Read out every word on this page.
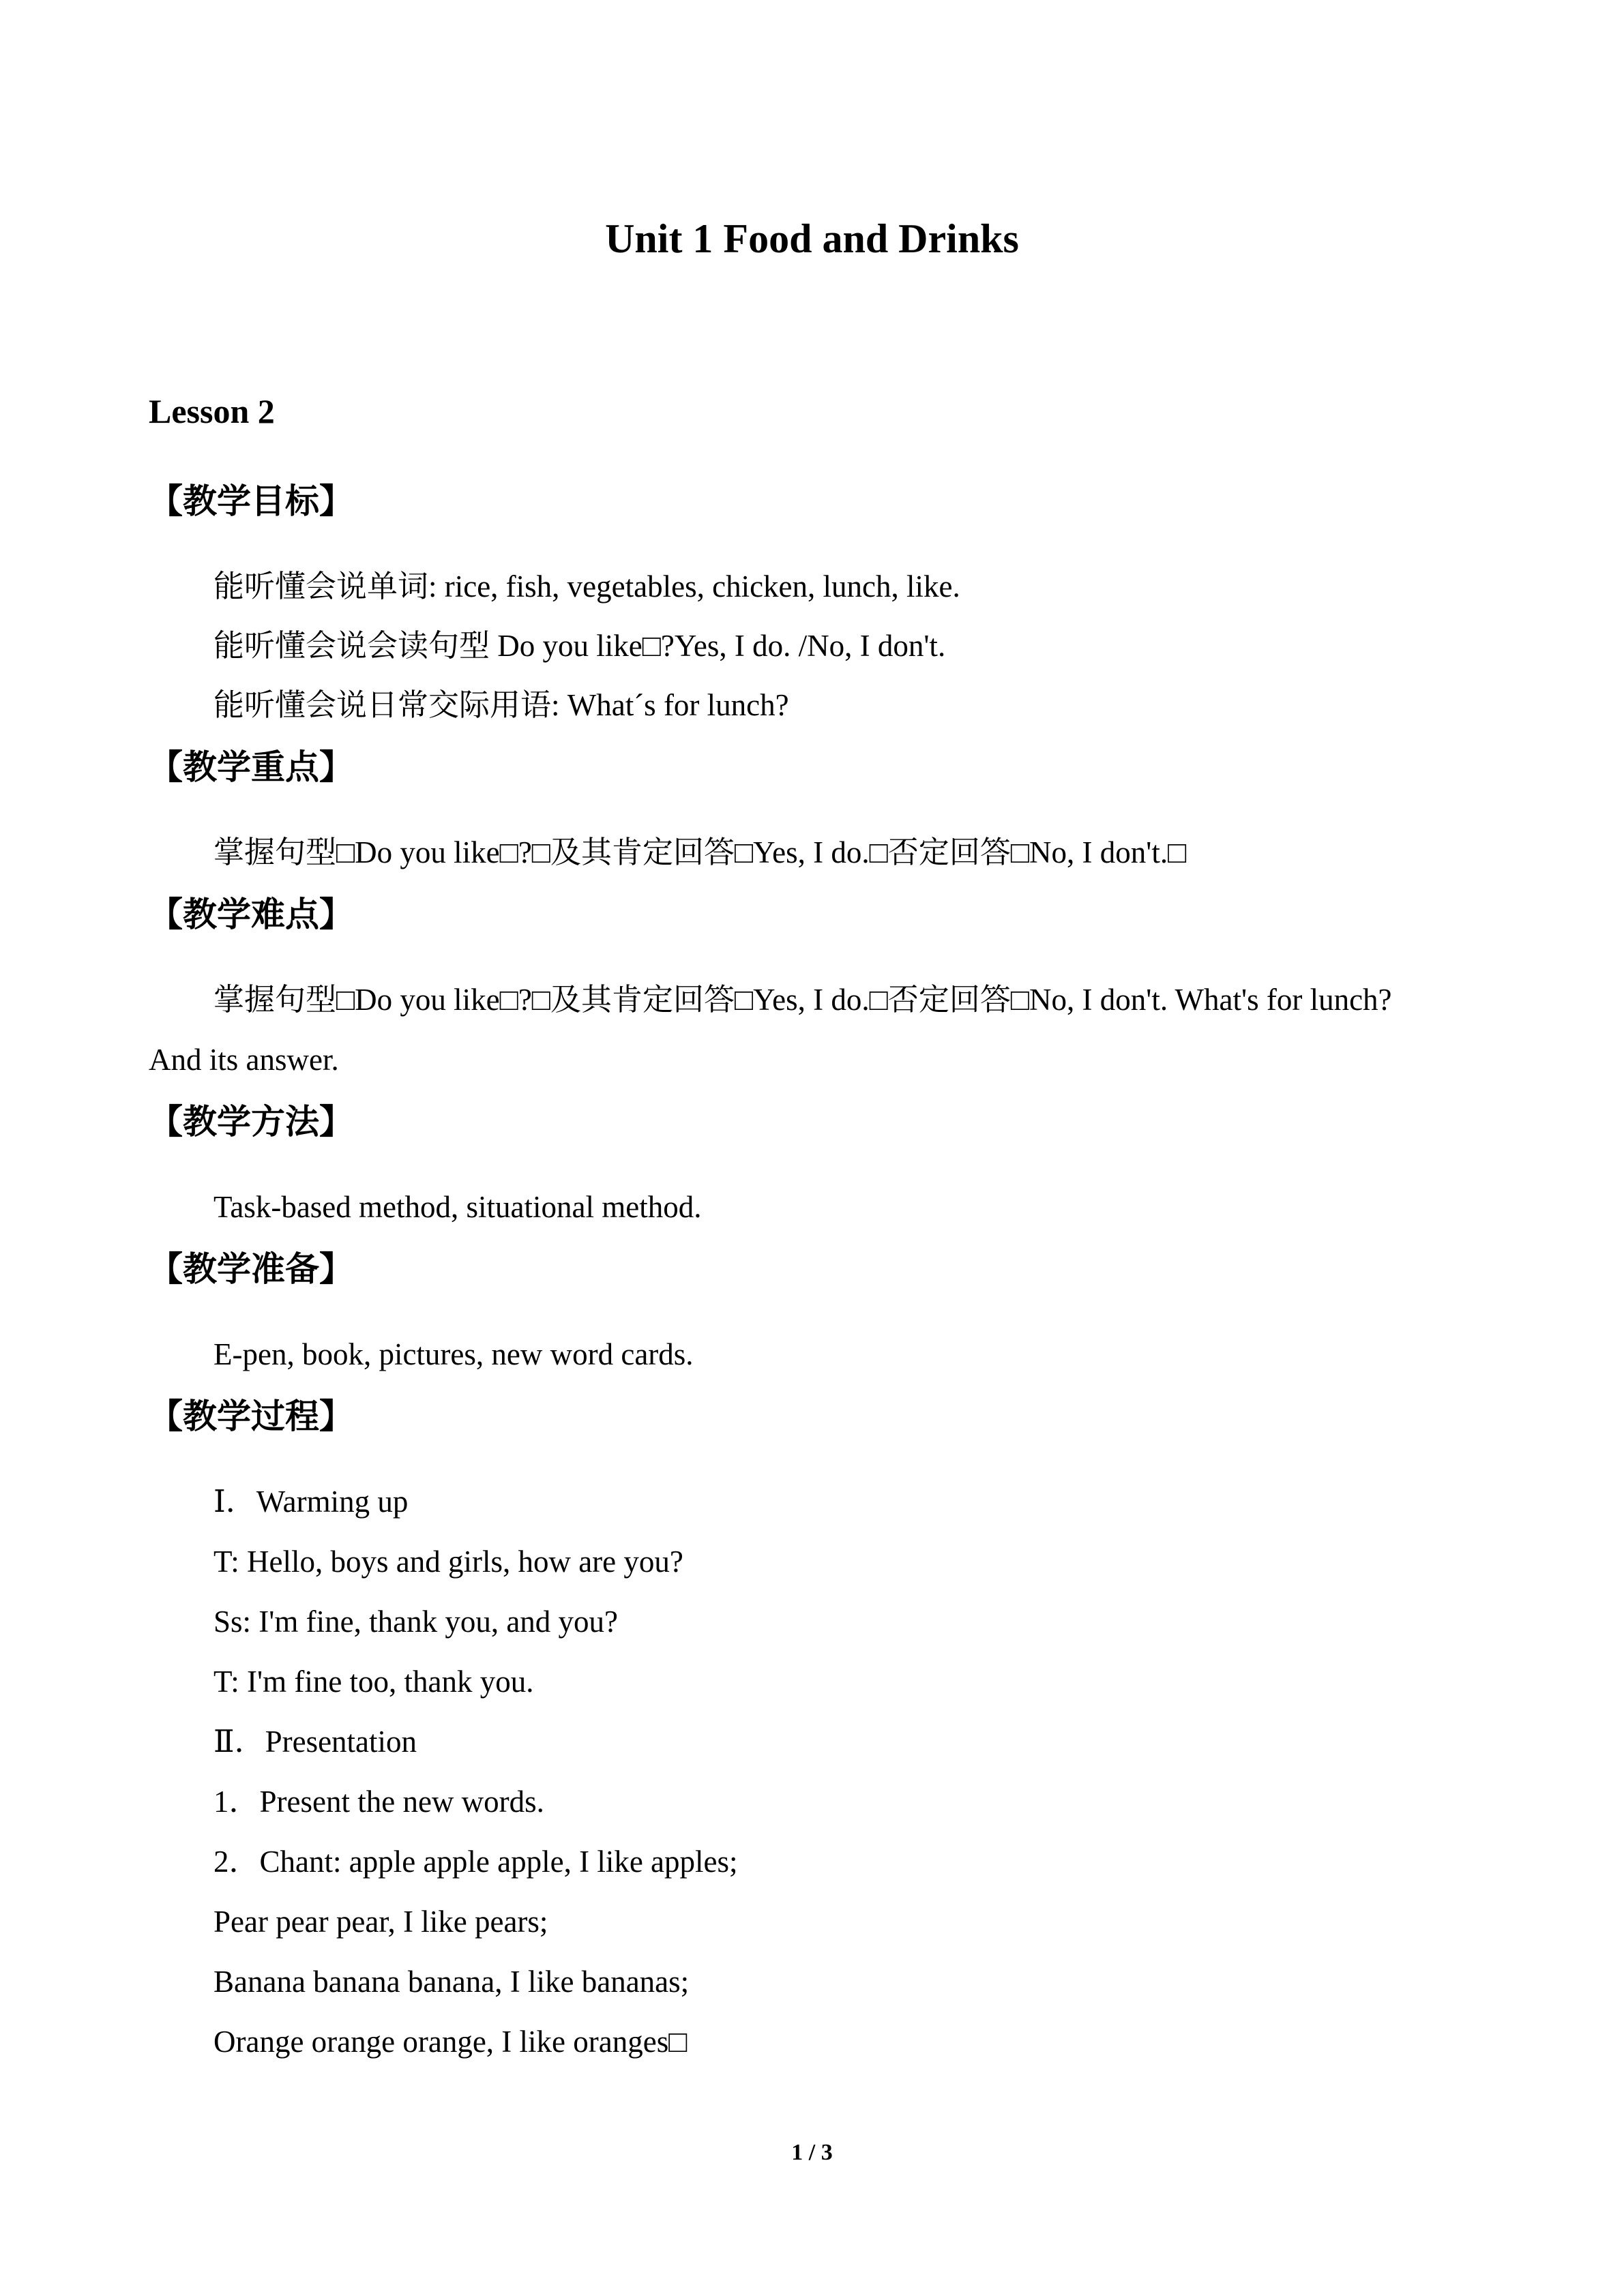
Unit 1 Food and Drinks
Lesson 2
【教学目标】
能听懂会说单词: rice, fish, vegetables, chicken, lunch, like.
能听懂会说会读句型 Do you like□?Yes, I do. /No, I don't.
能听懂会说日常交际用语: What´s for lunch?
【教学重点】
掌握句型□Do you like□?□及其肯定回答□Yes, I do.□否定回答□No, I don't.□
【教学难点】
掌握句型□Do you like□?□及其肯定回答□Yes, I do.□否定回答□No, I don't. What's for lunch?
And its answer.
【教学方法】
Task-based method, situational method.
【教学准备】
E-pen, book, pictures, new word cards.
【教学过程】
Ⅰ．Warming up
T: Hello, boys and girls, how are you?
Ss: I'm fine, thank you, and you?
T: I'm fine too, thank you.
Ⅱ．Presentation
1．Present the new words.
2．Chant: apple apple apple, I like apples;
Pear pear pear, I like pears;
Banana banana banana, I like bananas;
Orange orange orange, I like oranges□
1 / 3
